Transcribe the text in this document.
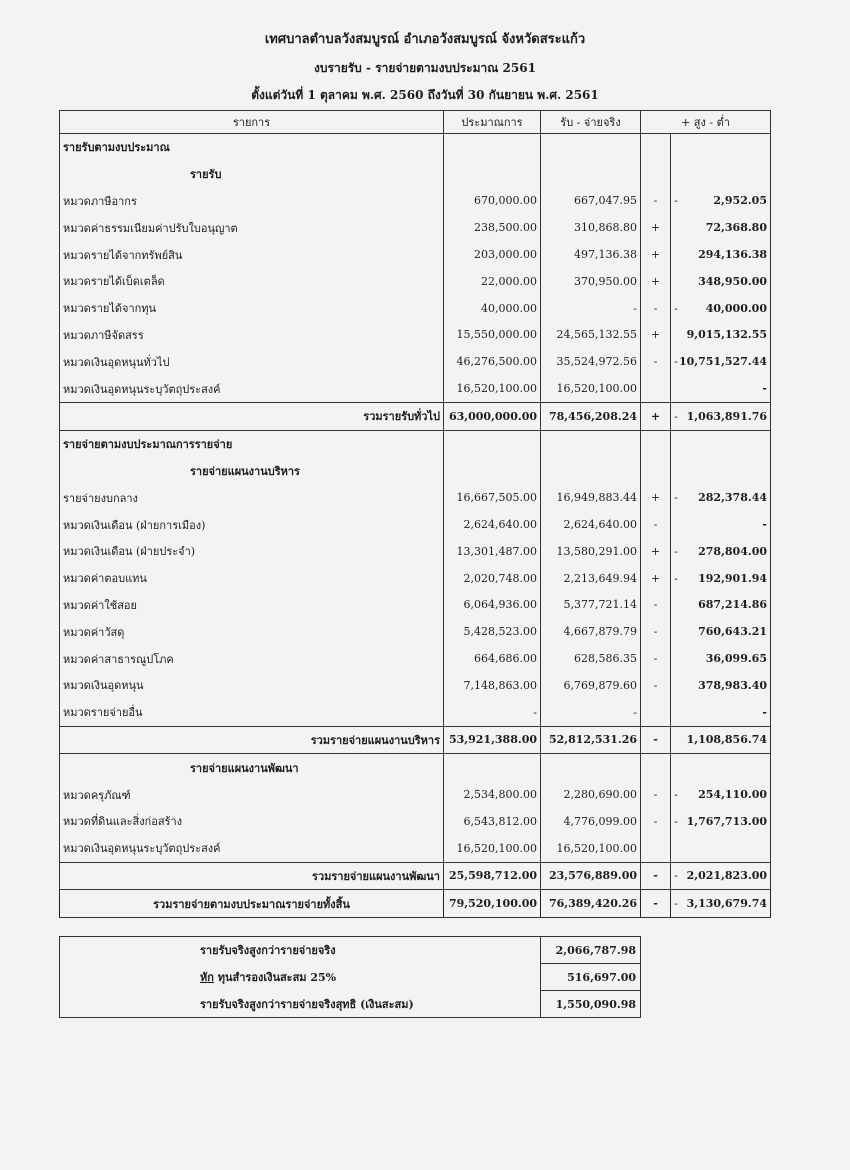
เทศบาลตำบลวังสมบูรณ์ อำเภอวังสมบูรณ์ จังหวัดสระแก้ว
งบรายรับ - รายจ่ายตามงบประมาณ 2561
ตั้งแต่วันที่ 1 ตุลาคม พ.ศ. 2560 ถึงวันที่ 30 กันยายน พ.ศ. 2561
รายการ	ประมาณการ	รับ - จ่ายจริง	+ สูง - ต่ำ	
รายรับตามงบประมาณ				

รายรับ				

หมวดภาษีอากร	670,000.00	667,047.95	-	- 2,952.05
หมวดค่าธรรมเนียมค่าปรับใบอนุญาต	238,500.00	310,868.80	+	72,368.80
หมวดรายได้จากทรัพย์สิน	203,000.00	497,136.38	+	294,136.38
หมวดรายได้เบ็ดเตล็ด	22,000.00	370,950.00	+	348,950.00
หมวดรายได้จากทุน	40,000.00	-	-	- 40,000.00
หมวดภาษีจัดสรร	15,550,000.00	24,565,132.55	+	9,015,132.55
หมวดเงินอุดหนุนทั่วไป	46,276,500.00	35,524,972.56	-	- 10,751,527.44
หมวดเงินอุดหนุนระบุวัตถุประสงค์	16,520,100.00	16,520,100.00		-
รวมรายรับทั่วไป	63,000,000.00	78,456,208.24	+	- 1,063,891.76
รายจ่ายตามงบประมาณการรายจ่าย				

รายจ่ายแผนงานบริหาร				

รายจ่ายงบกลาง	16,667,505.00	16,949,883.44	+	- 282,378.44
หมวดเงินเดือน (ฝ่ายการเมือง)	2,624,640.00	2,624,640.00	-	-
หมวดเงินเดือน (ฝ่ายประจำ)	13,301,487.00	13,580,291.00	+	- 278,804.00
หมวดค่าตอบแทน	2,020,748.00	2,213,649.94	+	- 192,901.94
หมวดค่าใช้สอย	6,064,936.00	5,377,721.14	-	687,214.86
หมวดค่าวัสดุ	5,428,523.00	4,667,879.79	-	760,643.21
หมวดค่าสาธารณูปโภค	664,686.00	628,586.35	-	36,099.65
หมวดเงินอุดหนุน	7,148,863.00	6,769,879.60	-	378,983.40
หมวดรายจ่ายอื่น	-	-		-
รวมรายจ่ายแผนงานบริหาร	53,921,388.00	52,812,531.26	-	1,108,856.74
รายจ่ายแผนงานพัฒนา				

หมวดครุภัณฑ์	2,534,800.00	2,280,690.00	-	- 254,110.00
หมวดที่ดินและสิ่งก่อสร้าง	6,543,812.00	4,776,099.00	-	- 1,767,713.00
หมวดเงินอุดหนุนระบุวัตถุประสงค์	16,520,100.00	16,520,100.00		

รวมรายจ่ายแผนงานพัฒนา	25,598,712.00	23,576,889.00	-	- 2,021,823.00
รวมรายจ่ายตามงบประมาณรายจ่ายทั้งสิ้น	79,520,100.00	76,389,420.26	-	- 3,130,679.74
รายรับจริงสูงกว่ารายจ่ายจริง	2,066,787.98
หัก ทุนสำรองเงินสะสม 25%	516,697.00
รายรับจริงสูงกว่ารายจ่ายจริงสุทธิ (เงินสะสม)	1,550,090.98
